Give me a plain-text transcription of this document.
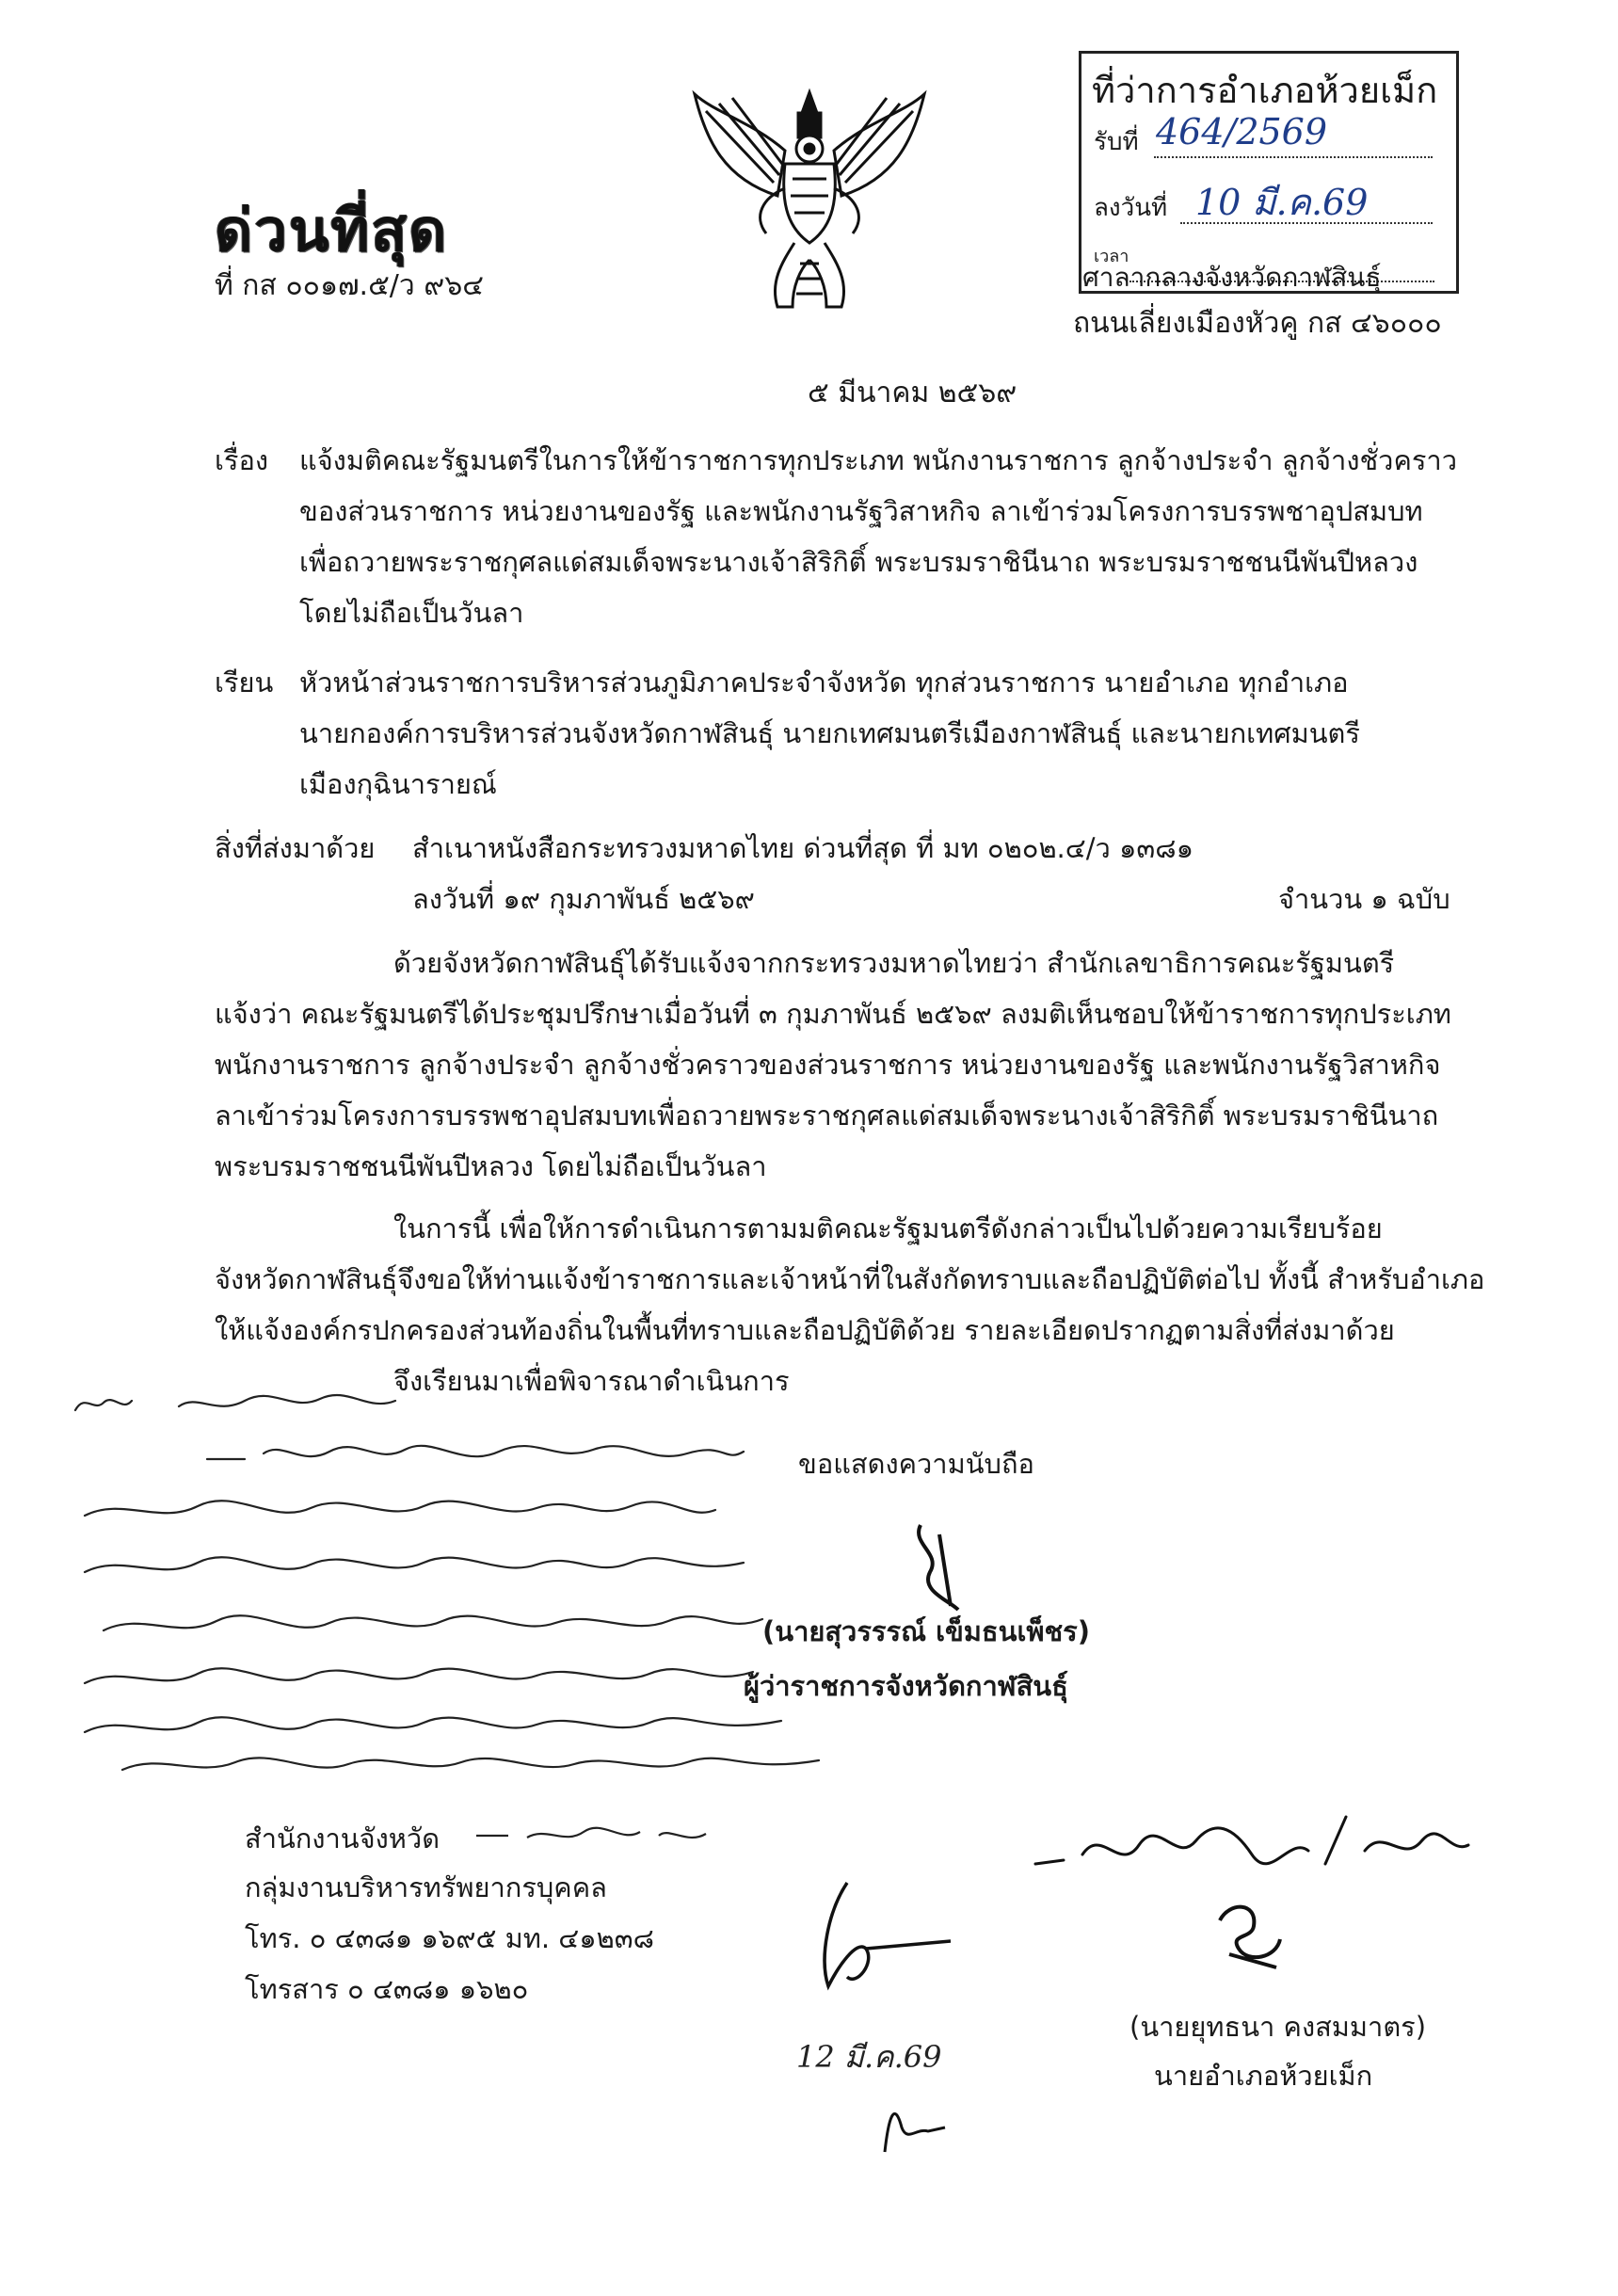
ที่ว่าการอำเภอห้วยเม็ก
รับที่ 464/2569
ลงวันที่ 10 มี.ค.69
เวลา
ด่วนที่สุด
ที่ กส ๐๐๑๗.๕/ว ๙๖๔	ศาลากลางจังหวัดกาฬสินธุ์
ถนนเลี่ยงเมืองหัวคู กส ๔๖๐๐๐
๕ มีนาคม ๒๕๖๙
เรื่อง แจ้งมติคณะรัฐมนตรีในการให้ข้าราชการทุกประเภท พนักงานราชการ ลูกจ้างประจำ ลูกจ้างชั่วคราว
ของส่วนราชการ หน่วยงานของรัฐ และพนักงานรัฐวิสาหกิจ ลาเข้าร่วมโครงการบรรพชาอุปสมบท
เพื่อถวายพระราชกุศลแด่สมเด็จพระนางเจ้าสิริกิติ์ พระบรมราชินีนาถ พระบรมราชชนนีพันปีหลวง
โดยไม่ถือเป็นวันลา
เรียน หัวหน้าส่วนราชการบริหารส่วนภูมิภาคประจำจังหวัด ทุกส่วนราชการ นายอำเภอ ทุกอำเภอ
นายกองค์การบริหารส่วนจังหวัดกาฬสินธุ์ นายกเทศมนตรีเมืองกาฬสินธุ์ และนายกเทศมนตรี
เมืองกุฉินารายณ์
สิ่งที่ส่งมาด้วย สำเนาหนังสือกระทรวงมหาดไทย ด่วนที่สุด ที่ มท ๐๒๐๒.๔/ว ๑๓๘๑
ลงวันที่ ๑๙ กุมภาพันธ์ ๒๕๖๙	จำนวน ๑ ฉบับ
ด้วยจังหวัดกาฬสินธุ์ได้รับแจ้งจากกระทรวงมหาดไทยว่า สำนักเลขาธิการคณะรัฐมนตรี
แจ้งว่า คณะรัฐมนตรีได้ประชุมปรึกษาเมื่อวันที่ ๓ กุมภาพันธ์ ๒๕๖๙ ลงมติเห็นชอบให้ข้าราชการทุกประเภท
พนักงานราชการ ลูกจ้างประจำ ลูกจ้างชั่วคราวของส่วนราชการ หน่วยงานของรัฐ และพนักงานรัฐวิสาหกิจ
ลาเข้าร่วมโครงการบรรพชาอุปสมบทเพื่อถวายพระราชกุศลแด่สมเด็จพระนางเจ้าสิริกิติ์ พระบรมราชินีนาถ
พระบรมราชชนนีพันปีหลวง โดยไม่ถือเป็นวันลา
ในการนี้ เพื่อให้การดำเนินการตามมติคณะรัฐมนตรีดังกล่าวเป็นไปด้วยความเรียบร้อย
จังหวัดกาฬสินธุ์จึงขอให้ท่านแจ้งข้าราชการและเจ้าหน้าที่ในสังกัดทราบและถือปฏิบัติต่อไป ทั้งนี้ สำหรับอำเภอ
ให้แจ้งองค์กรปกครองส่วนท้องถิ่นในพื้นที่ทราบและถือปฏิบัติด้วย รายละเอียดปรากฏตามสิ่งที่ส่งมาด้วย
จึงเรียนมาเพื่อพิจารณาดำเนินการ
ขอแสดงความนับถือ
(นายสุวรรรณ์ เข็มธนเพ็ชร)
ผู้ว่าราชการจังหวัดกาฬสินธุ์
สำนักงานจังหวัด
กลุ่มงานบริหารทรัพยากรบุคคล
โทร. ๐ ๔๓๘๑ ๑๖๙๕ มท. ๔๑๒๓๘
โทรสาร ๐ ๔๓๘๑ ๑๖๒๐
12 มี.ค.69
(นายยุทธนา คงสมมาตร)
นายอำเภอห้วยเม็ก
